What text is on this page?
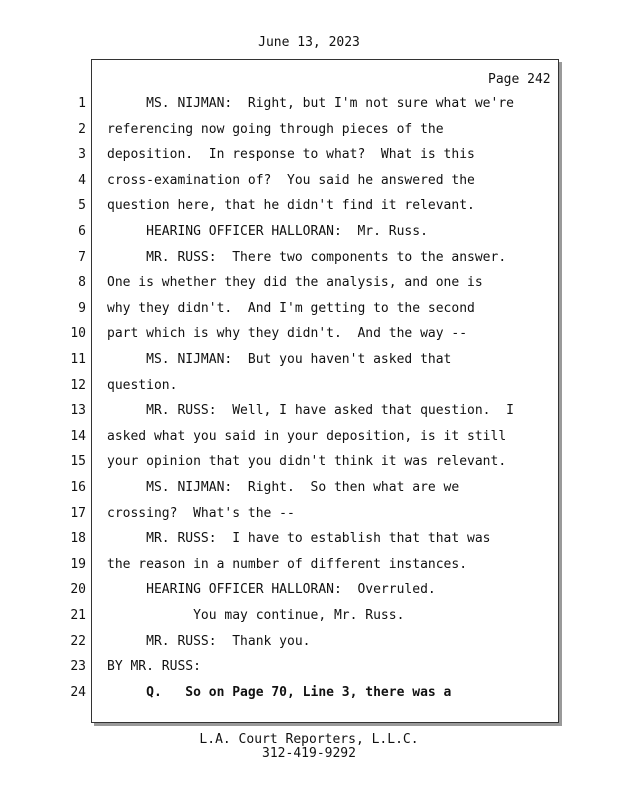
June 13, 2023
Page 242
1 MS. NIJMAN:  Right, but I'm not sure what we're
2 referencing now going through pieces of the
3 deposition.  In response to what?  What is this
4 cross-examination of?  You said he answered the
5 question here, that he didn't find it relevant.
6 HEARING OFFICER HALLORAN:  Mr. Russ.
7 MR. RUSS:  There two components to the answer.
8 One is whether they did the analysis, and one is
9 why they didn't.  And I'm getting to the second
10 part which is why they didn't.  And the way --
11 MS. NIJMAN:  But you haven't asked that
12 question.
13 MR. RUSS:  Well, I have asked that question.  I
14 asked what you said in your deposition, is it still
15 your opinion that you didn't think it was relevant.
16 MS. NIJMAN:  Right.  So then what are we
17 crossing?  What's the --
18 MR. RUSS:  I have to establish that that was
19 the reason in a number of different instances.
20 HEARING OFFICER HALLORAN:  Overruled.
21 You may continue, Mr. Russ.
22 MR. RUSS:  Thank you.
23 BY MR. RUSS:
24 Q.   So on Page 70, Line 3, there was a
L.A. Court Reporters, L.L.C.
312-419-9292
